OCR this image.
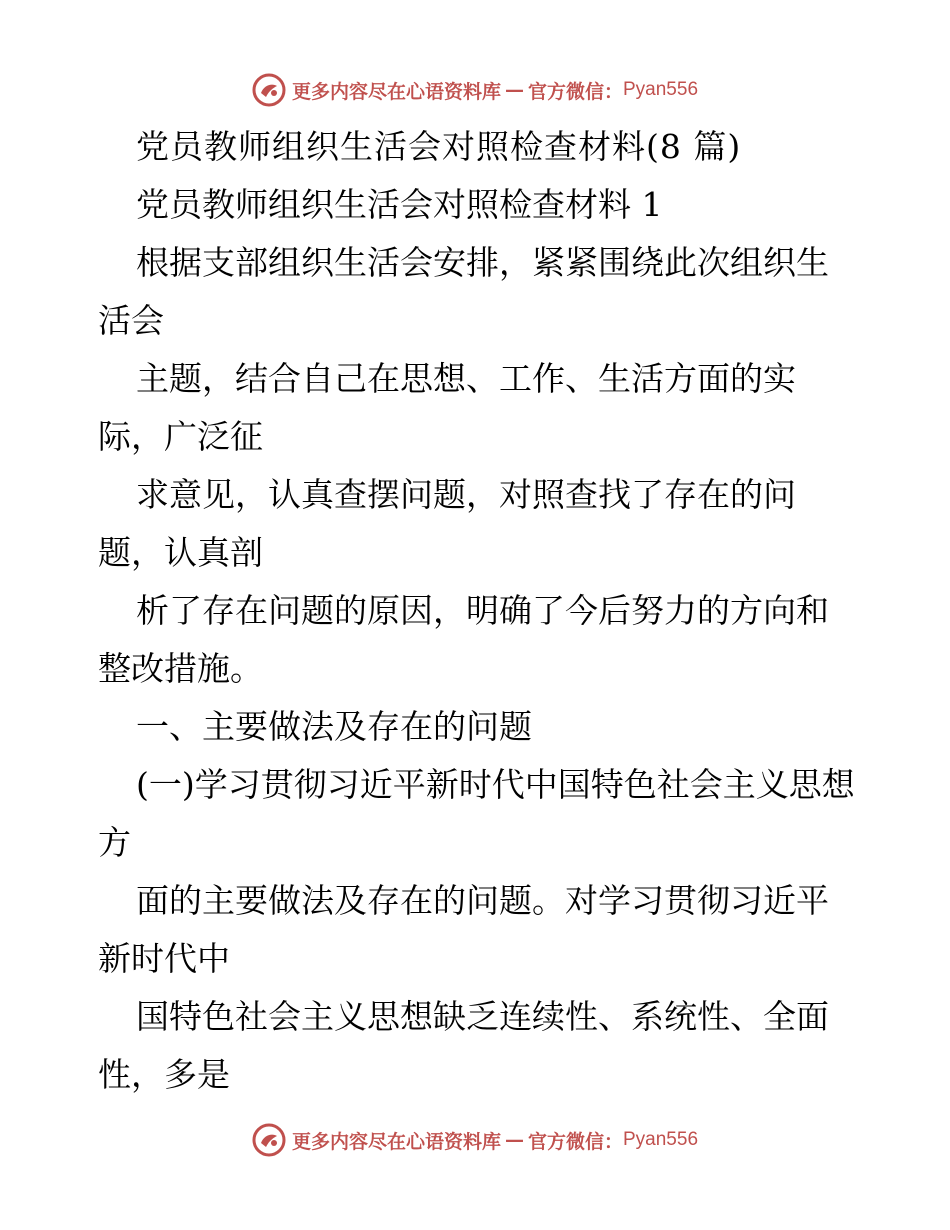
更多内容尽在心语资料库 — 官方微信： Pyan556

党员教师组织生活会对照检查材料(8 篇)

党员教师组织生活会对照检查材料 1

根据支部组织生活会安排，紧紧围绕此次组织生活会

主题，结合自己在思想、工作、生活方面的实际，广泛征

求意见，认真查摆问题，对照查找了存在的问题，认真剖

析了存在问题的原因，明确了今后努力的方向和整改措施。

一、主要做法及存在的问题

(一)学习贯彻习近平新时代中国特色社会主义思想方

面的主要做法及存在的问题。对学习贯彻习近平新时代中

国特色社会主义思想缺乏连续性、系统性、全面性，多是

更多内容尽在心语资料库 — 官方微信： Pyan556
